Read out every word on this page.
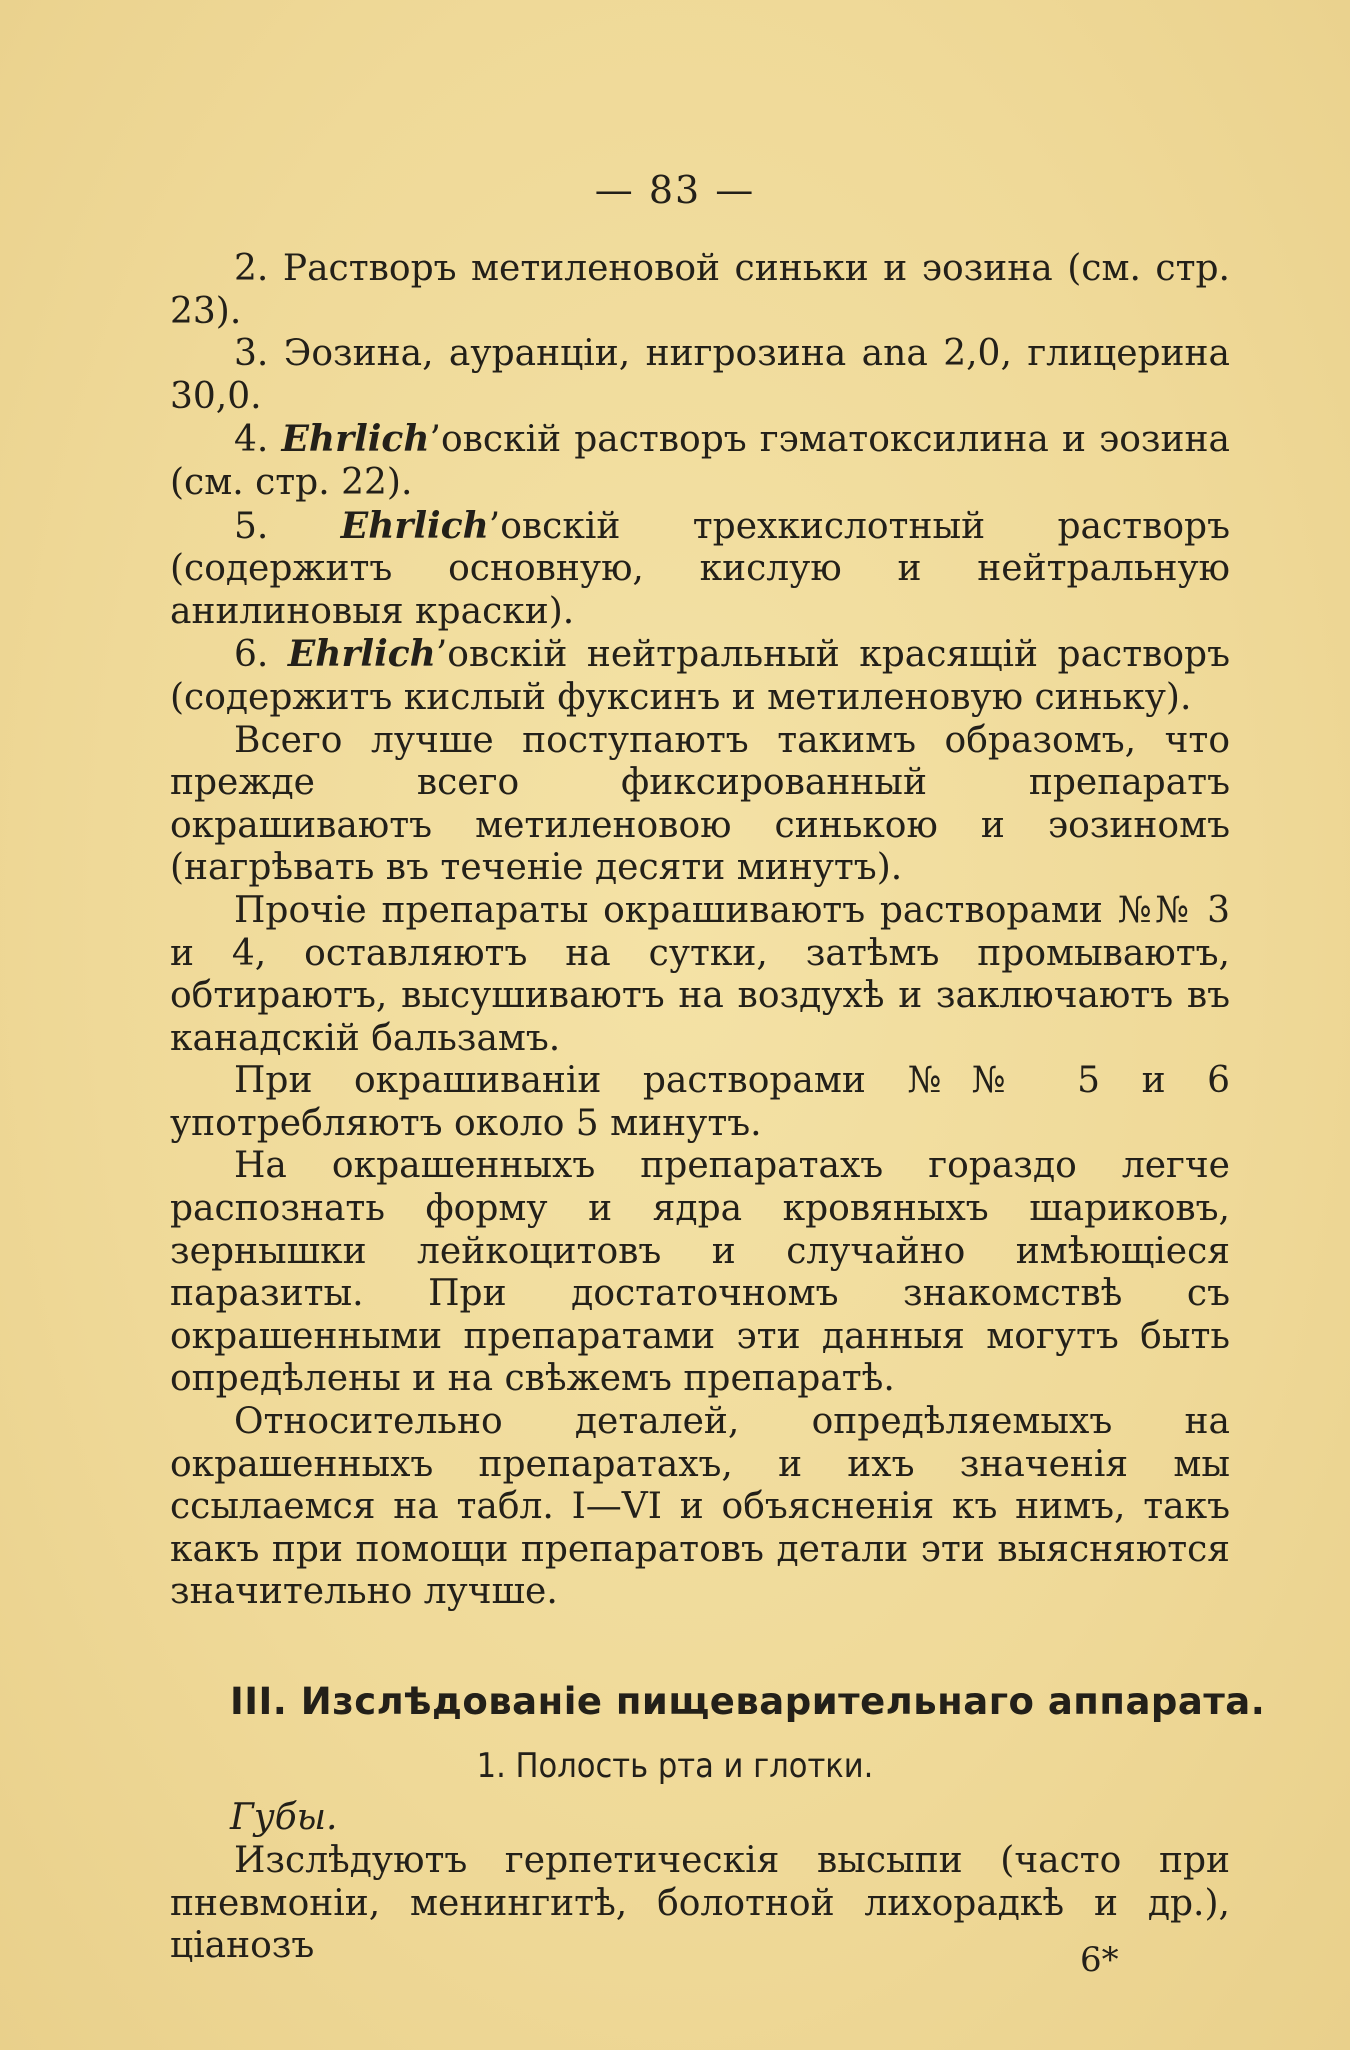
— 83 —

2. Растворъ метиленовой синьки и эозина (см. стр. 23).

3. Эозина, ауранціи, нигрозина ana 2,0, глицерина 30,0.

4. Ehrlich’овскій растворъ гэматоксилина и эозина (см. стр. 22).

5. Ehrlich’овскій трехкислотный растворъ (содержитъ основную, кислую и нейтральную анилиновыя краски).

6. Ehrlich’овскій нейтральный красящій растворъ (содержитъ кислый фуксинъ и метиленовую синьку).

Всего лучше поступаютъ такимъ образомъ, что прежде всего фиксированный препаратъ окрашиваютъ метиленовою синькою и эозиномъ (нагрѣвать въ теченіе десяти минутъ).

Прочіе препараты окрашиваютъ растворами №№ 3 и 4, оставляютъ на сутки, затѣмъ промываютъ, обтираютъ, высушиваютъ на воздухѣ и заключаютъ въ канадскій бальзамъ.

При окрашиваніи растворами №№ 5 и 6 употребляютъ около 5 минутъ.

На окрашенныхъ препаратахъ гораздо легче распознать форму и ядра кровяныхъ шариковъ, зернышки лейкоцитовъ и случайно имѣющіеся паразиты. При достаточномъ знакомствѣ съ окрашенными препаратами эти данныя могутъ быть опредѣлены и на свѣжемъ препаратѣ.

Относительно деталей, опредѣляемыхъ на окрашенныхъ препаратахъ, и ихъ значенія мы ссылаемся на табл. I—VI и объясненія къ нимъ, такъ какъ при помощи препаратовъ детали эти выясняются значительно лучше.

III. Изслѣдованіе пищеварительнаго аппарата.
1. Полость рта и глотки.
Губы.

Изслѣдуютъ герпетическія высыпи (часто при пневмоніи, менингитѣ, болотной лихорадкѣ и др.), ціанозъ	6*
